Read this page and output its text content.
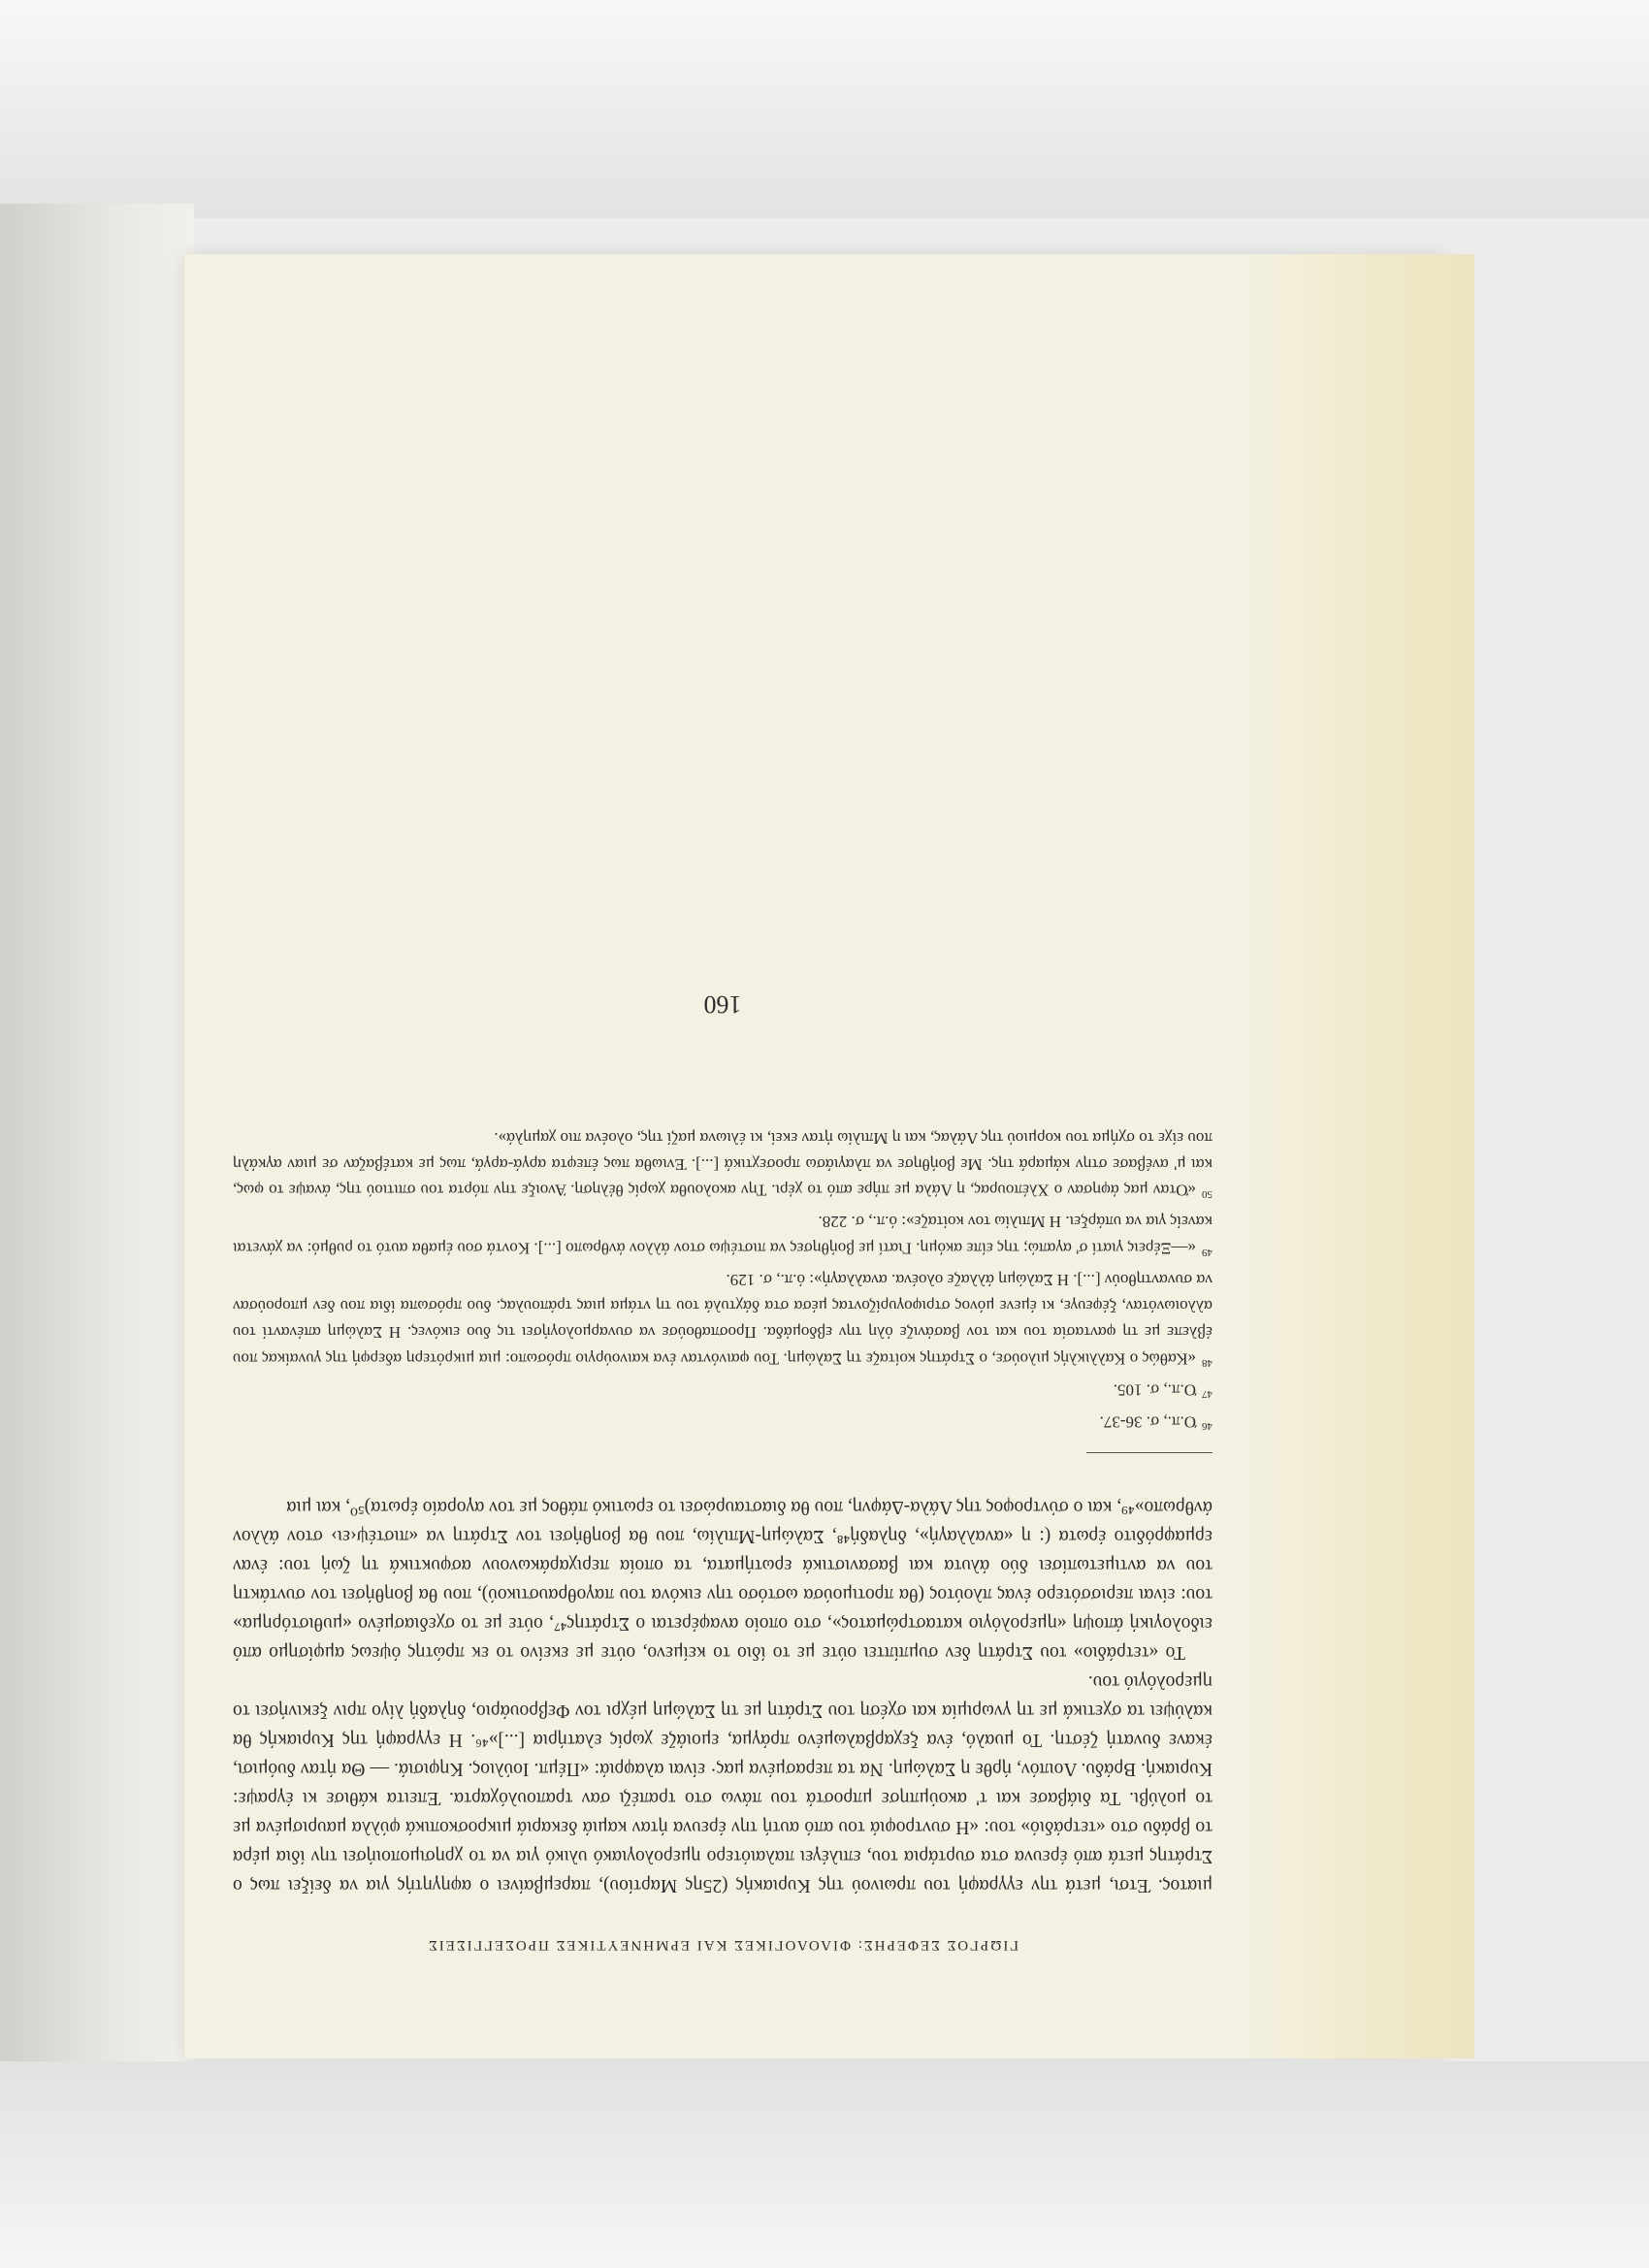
ΓΙΩΡΓΟΣ ΣΕΦΕΡΗΣ: ΦΙΛΟΛΟΓΙΚΕΣ ΚΑΙ ΕΡΜΗΝΕΥΤΙΚΕΣ ΠΡΟΣΕΓΓΙΣΕΙΣ

μιατος. Έτσι, μετά την εγγραφή του πρωινού της Κυριακής (25ης Μαρτίου), παρεμβαίνει ο αφηγητής για να δείξει πως ο Στράτης μετά από έρευνα στα συρτάρια του, επιλέγει παλαιότερο ημερολογιακό υλικό για να το χρησιμοποιήσει την ίδια μέρα το βράδυ στο «τετράδιό» του: «Η συντροφιά του από αυτή την έρευνα ήταν καμιά δεκαριά μικροσκοπικά φύλλα μαυρισμένα με το μολύβι. Τα διάβασε και τ' ακούμπησε μπροστά του πάνω στο τραπέζι σαν τραπουλόχαρτα. Έπειτα κάθισε κι έγραψε: Κυριακή. Βράδυ. Λοιπόν, ήρθε η Σαλώμη. Να τα περασμένα μας· είναι αλαφριά: «Πέμπ. Ιούλιος. Κηφισιά. — Θα ήταν δυόμισι, έκανε δυνατή ζέστη. Το μυαλό, ένα ξεχαρβαλωμένο πράγμα, εμοιάζε χωρίς ελατήρια [...]»⁴⁶. Η εγγραφή της Κυριακής θα καλύψει τα σχετικά με τη γνωριμία και σχέση του Στράτη με τη Σαλώμη μέχρι τον Φεβρουάριο, δηλαδή λίγο πριν ξεκινήσει το ημερολόγιό του.

Το «τετράδιο» του Στράτη δεν συμπίπτει ούτε με το ίδιο το κείμενο, ούτε με εκείνο το εκ πρώτης όψεως αμφίσημο από ειδολογική άποψη «ημερολόγιο καταστρώματος», στο οποίο αναφέρεται ο Στράτης⁴⁷, ούτε με το σχεδιασμένο «μυθιστόρημα» του: είναι περισσότερο ένας πλούτος (θα προτιμούσα ωστόσο την εικόνα του παγοθραυστικού), που θα βοηθήσει τον συντάκτη του να αντιμετωπίσει δύο άλυτα και βασανιστικά ερωτήματα, τα οποία περιχαράκωνουν ασφυκτικά τη ζωή του: έναν ερμαφρόδιτο έρωτα (: η «αναλλαγή», δηλαδή⁴⁸, Σαλώμη-Μπιλίω, που θα βοηθήσει τον Στράτη να «πιστέψ‹ει› στον άλλον άνθρωπο»⁴⁹, και ο σύντροφος της Λάλα-Δάφνη, που θα διασταυρώσει το ερωτικό πάθος με τον αγοραίο έρωτα)⁵⁰, και μια

$^{46}$Ό.π., σ. 36-37.

$^{47}$Ό.π., σ. 105.

$^{48}$«Καθώς ο Καλλικλής μιλούσε, ο Στράτης κοίταζε τη Σαλώμη. Του φαινόνταν ένα καινούργιο πρόσωπο: μια μικρότερη αδερφή της γυναίκας που έβλεπε με τη φαντασία του και τον βασάνιζε όλη την εβδομάδα. Προσπαθούσε να συναρμολογήσει τις δυο εικόνες. Η Σαλώμη απέναντί του αλλοιωνόταν, ξέφευγε, κι έμενε μόνος στριφογυρίζοντας μέσα στα δάχτυλά του τη ντάμα μιας τράπουλας. δυο πρόσωπα ίδια που δεν μπορούσαν να συναντηθούν [...]. Η Σαλώμη άλλαζε ολοένα. αναλλαγή»: ό.π., σ. 129.

$^{49}$«—Ξέρεις γιατί σ' αγαπώ; της είπε ακόμη. Γιατί με βοήθησες να πιστέψω στον άλλον άνθρωπο [...]. Κοντά σου έμαθα αυτό το ρυθμό: να χάνεται κανείς για να υπάρξει. Η Μπιλίω τον κοίταζε»: ό.π., σ. 228.

$^{50}$«Όταν μας άφησαν ο Χλέπουρας, η Λάλα με πήρε από το χέρι. Την ακολουθα χωρίς θέληση. Άνοιξε την πόρτα του σπιτιού της, άναψε το φως, και μ' ανέβασε στην κάμαρά της. Με βοήθησε να πλαγιάσω προσεχτικά [...]. Ένιωθα πως έπεφτα αργά-αργά, πως με κατέβαζαν σε μιαν αγκάλη που είχε το σχήμα του κορμιού της Λάλας, και η Μπιλίω ήταν εκεί, κι έλιωνα μαζί της, ολοένα πιο χαμηλά».

160
